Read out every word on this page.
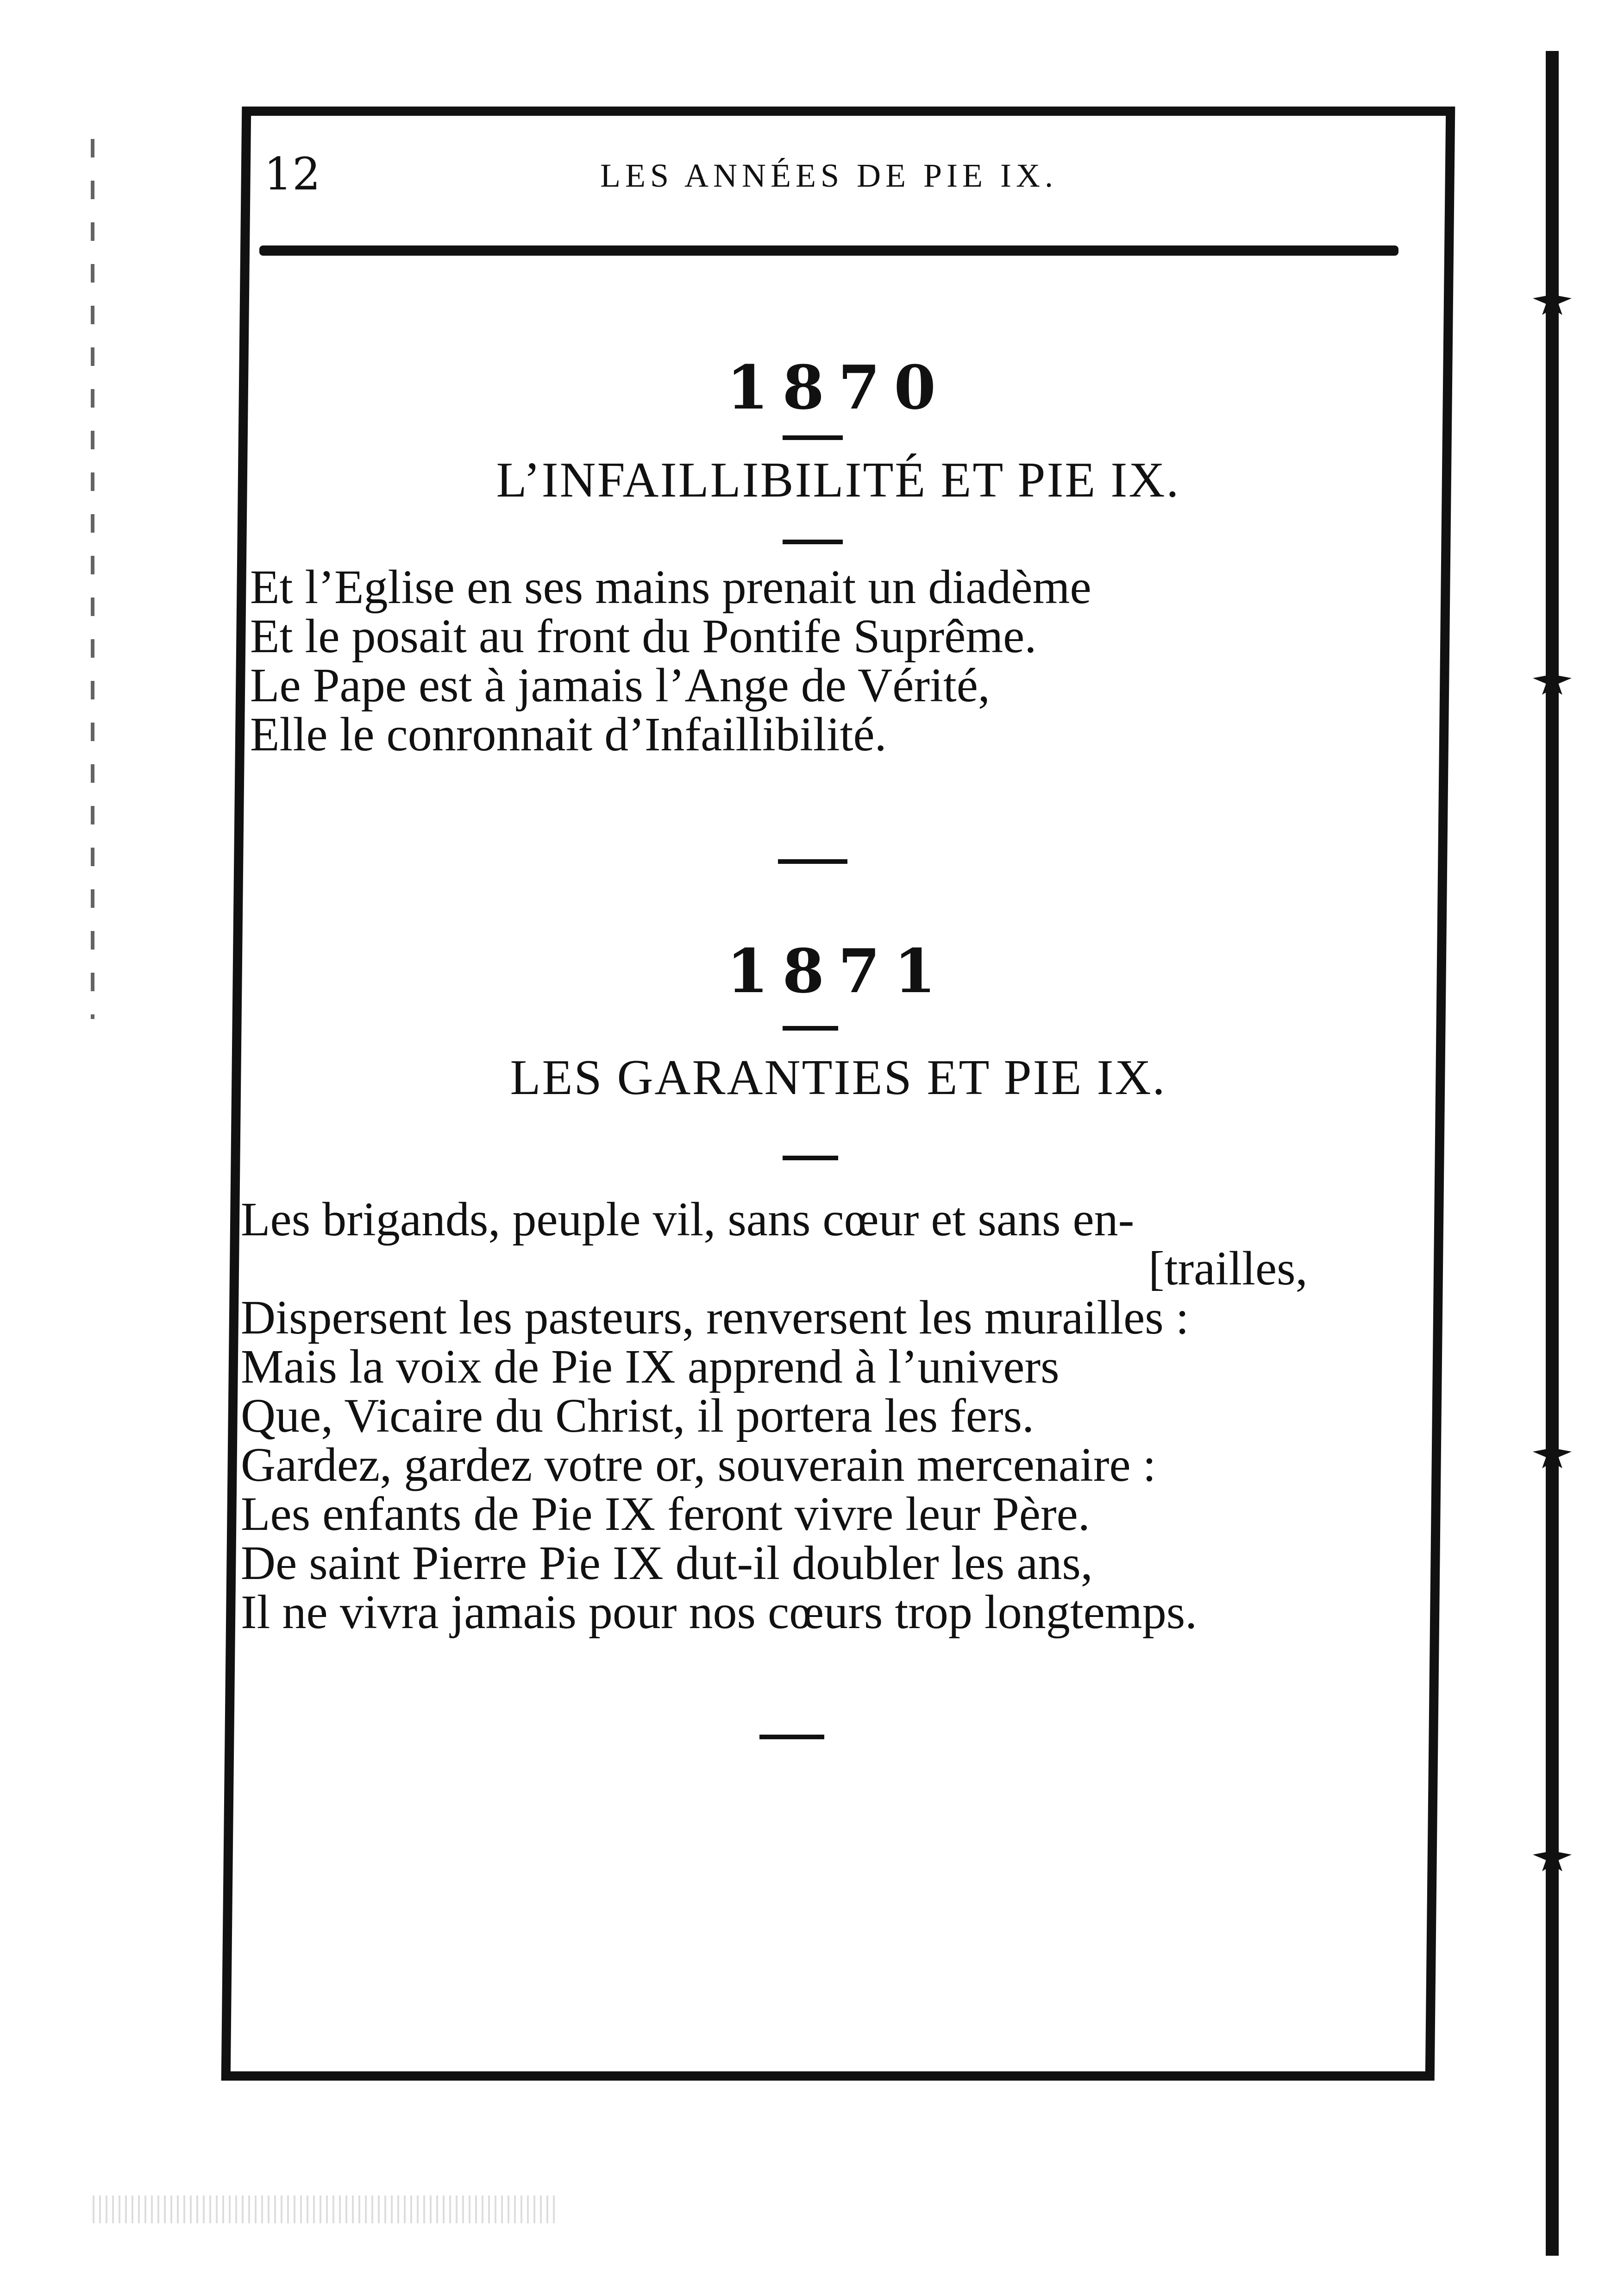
12	LES ANNÉES DE PIE IX.
1870
L’INFAILLIBILITÉ ET PIE IX.
Et l’Eglise en ses mains prenait un diadème
Et le posait au front du Pontife Suprême.
Le Pape est à jamais l’Ange de Vérité,
Elle le conronnait d’Infaillibilité.
1871
LES GARANTIES ET PIE IX.
Les brigands, peuple vil, sans cœur et sans en-
[trailles,
Dispersent les pasteurs, renversent les murailles :
Mais la voix de Pie IX apprend à l’univers
Que, Vicaire du Christ, il portera les fers.
Gardez, gardez votre or, souverain mercenaire :
Les enfants de Pie IX feront vivre leur Père.
De saint Pierre Pie IX dut-il doubler les ans,
Il ne vivra jamais pour nos cœurs trop longtemps.
